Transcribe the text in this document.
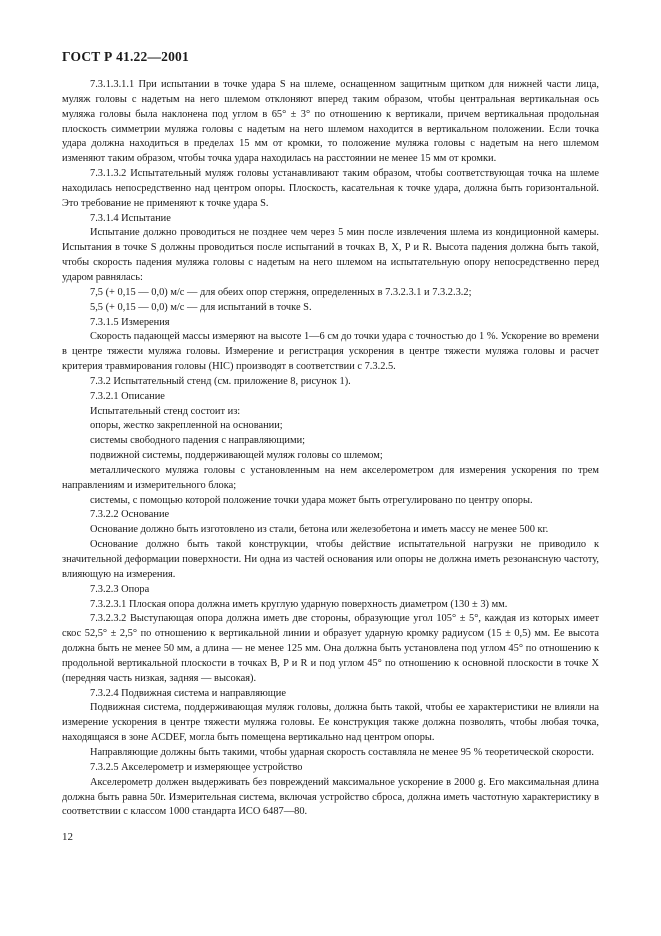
ГОСТ Р 41.22—2001

7.3.1.3.1.1 При испытании в точке удара S на шлеме, оснащенном защитным щитком для нижней части лица, муляж головы с надетым на него шлемом отклоняют вперед таким образом, чтобы центральная вертикальная ось муляжа головы была наклонена под углом в 65° ± 3° по отношению к вертикали, причем вертикальная продольная плоскость симметрии муляжа головы с надетым на него шлемом находится в вертикальном положении. Если точка удара должна находиться в пределах 15 мм от кромки, то положение муляжа головы с надетым на него шлемом изменяют таким образом, чтобы точка удара находилась на расстоянии не менее 15 мм от кромки.

7.3.1.3.2 Испытательный муляж головы устанавливают таким образом, чтобы соответствующая точка на шлеме находилась непосредственно над центром опоры. Плоскость, касательная к точке удара, должна быть горизонтальной. Это требование не применяют к точке удара S.

7.3.1.4 Испытание

Испытание должно проводиться не позднее чем через 5 мин после извлечения шлема из кондиционной камеры. Испытания в точке S должны проводиться после испытаний в точках B, X, P и R. Высота падения должна быть такой, чтобы скорость падения муляжа головы с надетым на него шлемом на испытательную опору непосредственно перед ударом равнялась:

7,5 (+ 0,15 — 0,0) м/с — для обеих опор стержня, определенных в 7.3.2.3.1 и 7.3.2.3.2;

5,5 (+ 0,15 — 0,0) м/с — для испытаний в точке S.

7.3.1.5 Измерения

Скорость падающей массы измеряют на высоте 1—6 см до точки удара с точностью до 1 %. Ускорение во времени в центре тяжести муляжа головы. Измерение и регистрация ускорения в центре тяжести муляжа головы и расчет критерия травмирования головы (HIC) производят в соответствии с 7.3.2.5.

7.3.2 Испытательный стенд (см. приложение 8, рисунок 1).

7.3.2.1 Описание

Испытательный стенд состоит из:

опоры, жестко закрепленной на основании;

системы свободного падения с направляющими;

подвижной системы, поддерживающей муляж головы со шлемом;

металлического муляжа головы с установленным на нем акселерометром для измерения ускорения по трем направлениям и измерительного блока;

системы, с помощью которой положение точки удара может быть отрегулировано по центру опоры.

7.3.2.2 Основание

Основание должно быть изготовлено из стали, бетона или железобетона и иметь массу не менее 500 кг.

Основание должно быть такой конструкции, чтобы действие испытательной нагрузки не приводило к значительной деформации поверхности. Ни одна из частей основания или опоры не должна иметь резонансную частоту, влияющую на измерения.

7.3.2.3 Опора

7.3.2.3.1 Плоская опора должна иметь круглую ударную поверхность диаметром (130 ± 3) мм.

7.3.2.3.2 Выступающая опора должна иметь две стороны, образующие угол 105° ± 5°, каждая из которых имеет скос 52,5° ± 2,5° по отношению к вертикальной линии и образует ударную кромку радиусом (15 ± 0,5) мм. Ее высота должна быть не менее 50 мм, а длина — не менее 125 мм. Она должна быть установлена под углом 45° по отношению к продольной вертикальной плоскости в точках B, P и R и под углом 45° по отношению к основной плоскости в точке X (передняя часть низкая, задняя — высокая).

7.3.2.4 Подвижная система и направляющие

Подвижная система, поддерживающая муляж головы, должна быть такой, чтобы ее характеристики не влияли на измерение ускорения в центре тяжести муляжа головы. Ее конструкция также должна позволять, чтобы любая точка, находящаяся в зоне ACDEF, могла быть помещена вертикально над центром опоры.

Направляющие должны быть такими, чтобы ударная скорость составляла не менее 95 % теоретической скорости.

7.3.2.5 Акселерометр и измеряющее устройство

Акселерометр должен выдерживать без повреждений максимальное ускорение в 2000 g. Его максимальная длина должна быть равна 50r. Измерительная система, включая устройство сброса, должна иметь частотную характеристику в соответствии с классом 1000 стандарта ИСО 6487—80.

12
